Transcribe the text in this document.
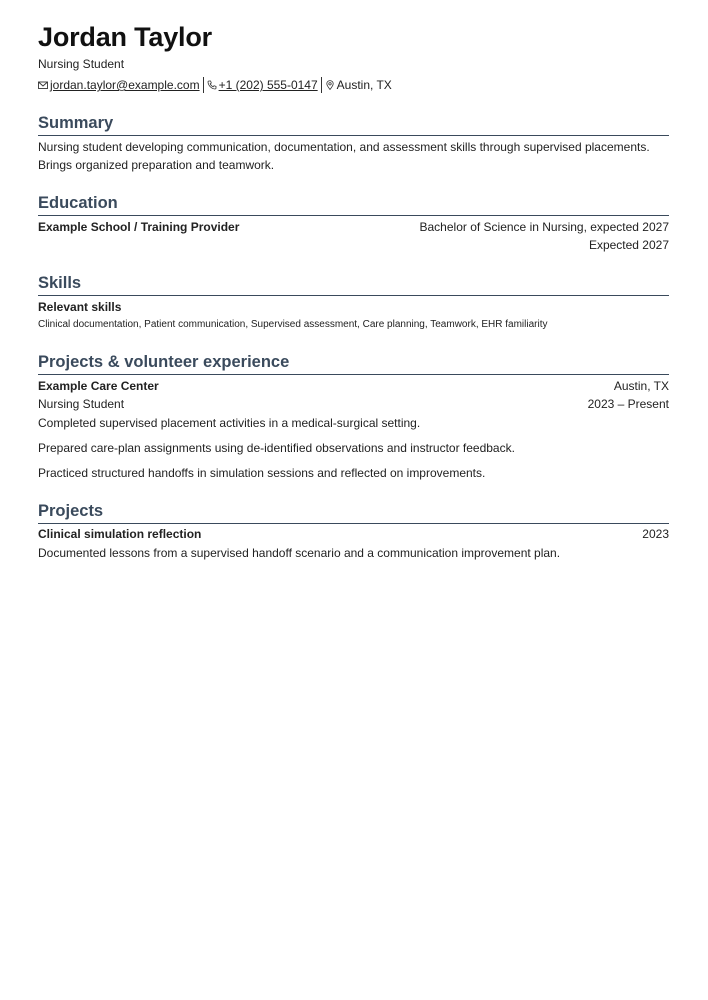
Jordan Taylor
Nursing Student
jordan.taylor@example.com +1 (202) 555-0147 Austin, TX
Summary
Nursing student developing communication, documentation, and assessment skills through supervised placements. Brings organized preparation and teamwork.
Education
Example School / Training Provider	Bachelor of Science in Nursing, expected 2027
Expected 2027
Skills
Relevant skills
Clinical documentation, Patient communication, Supervised assessment, Care planning, Teamwork, EHR familiarity
Projects & volunteer experience
Example Care Center	Austin, TX
Nursing Student	2023 – Present
Completed supervised placement activities in a medical-surgical setting.
Prepared care-plan assignments using de-identified observations and instructor feedback.
Practiced structured handoffs in simulation sessions and reflected on improvements.
Projects
Clinical simulation reflection	2023
Documented lessons from a supervised handoff scenario and a communication improvement plan.
